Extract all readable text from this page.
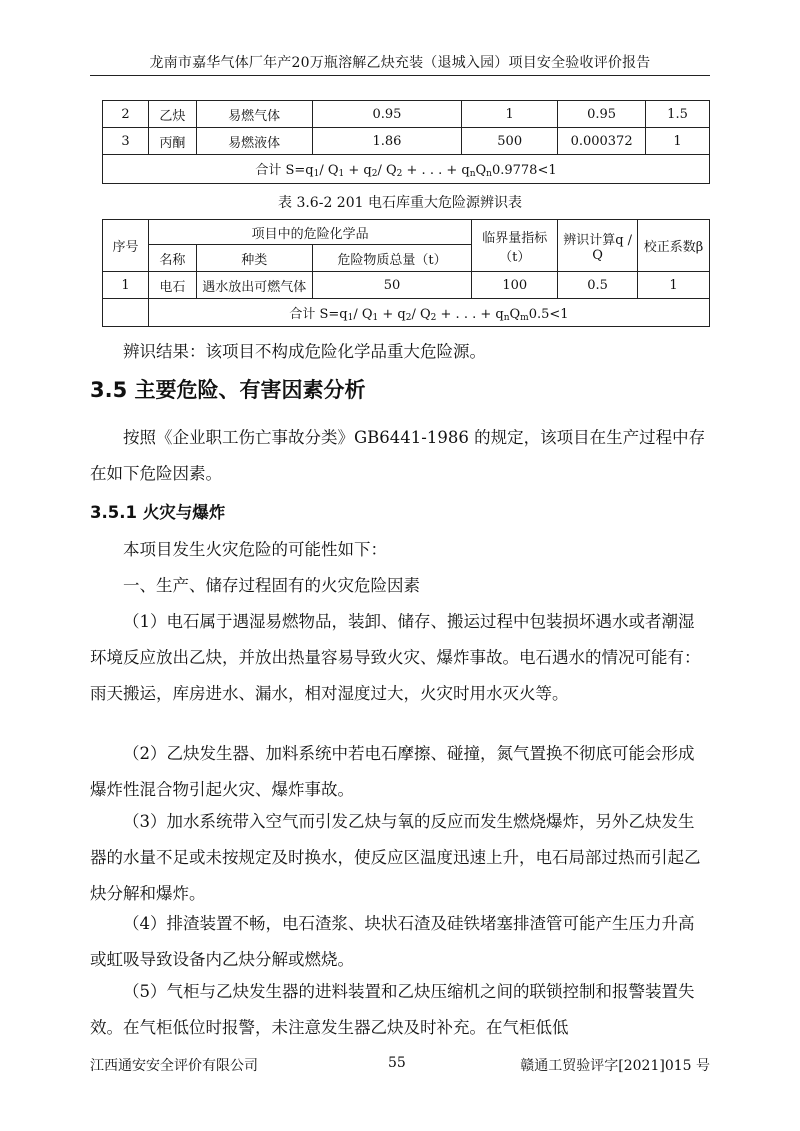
龙南市嘉华气体厂年产20万瓶溶解乙炔充装（退城入园）项目安全验收评价报告
2	乙炔	易燃气体	0.95	1	0.95	1.5
3	丙酮	易燃液体	1.86	500	0.000372	1
合计 $S=q_1/$ $Q_1 + q_2/$ $Q_2$ + . . . + $q_nQ_n0.9778<1$						
表 3.6-2 201 电石库重大危险源辨识表
序号	项目中的危险化学品			临界量指标（t）	辨识计算q / Q	校正系数β
	名称	种类	危险物质总量（t）			
1	电石	遇水放出可燃气体	50	100	0.5	1
	合计 $S=q_1/$ $Q_1 + q_2/$ $Q_2$ + . . . + $q_nQ_m0.5<1$					
辨识结果：该项目不构成危险化学品重大危险源。
3.5 主要危险、有害因素分析
按照《企业职工伤亡事故分类》GB6441-1986 的规定，该项目在生产过程中存在如下危险因素。
3.5.1 火灾与爆炸
本项目发生火灾危险的可能性如下：
一、生产、储存过程固有的火灾危险因素
（1）电石属于遇湿易燃物品，装卸、储存、搬运过程中包装损坏遇水或者潮湿环境反应放出乙炔，并放出热量容易导致火灾、爆炸事故。电石遇水的情况可能有：雨天搬运，库房进水、漏水，相对湿度过大，火灾时用水灭火等。
（2）乙炔发生器、加料系统中若电石摩擦、碰撞，氮气置换不彻底可能会形成爆炸性混合物引起火灾、爆炸事故。
（3）加水系统带入空气而引发乙炔与氧的反应而发生燃烧爆炸，另外乙炔发生器的水量不足或未按规定及时换水，使反应区温度迅速上升，电石局部过热而引起乙炔分解和爆炸。
（4）排渣装置不畅，电石渣浆、块状石渣及硅铁堵塞排渣管可能产生压力升高或虹吸导致设备内乙炔分解或燃烧。
（5）气柜与乙炔发生器的进料装置和乙炔压缩机之间的联锁控制和报警装置失效。在气柜低位时报警，未注意发生器乙炔及时补充。在气柜低低
江西通安安全评价有限公司	55	赣通工贸验评字[2021]015 号
